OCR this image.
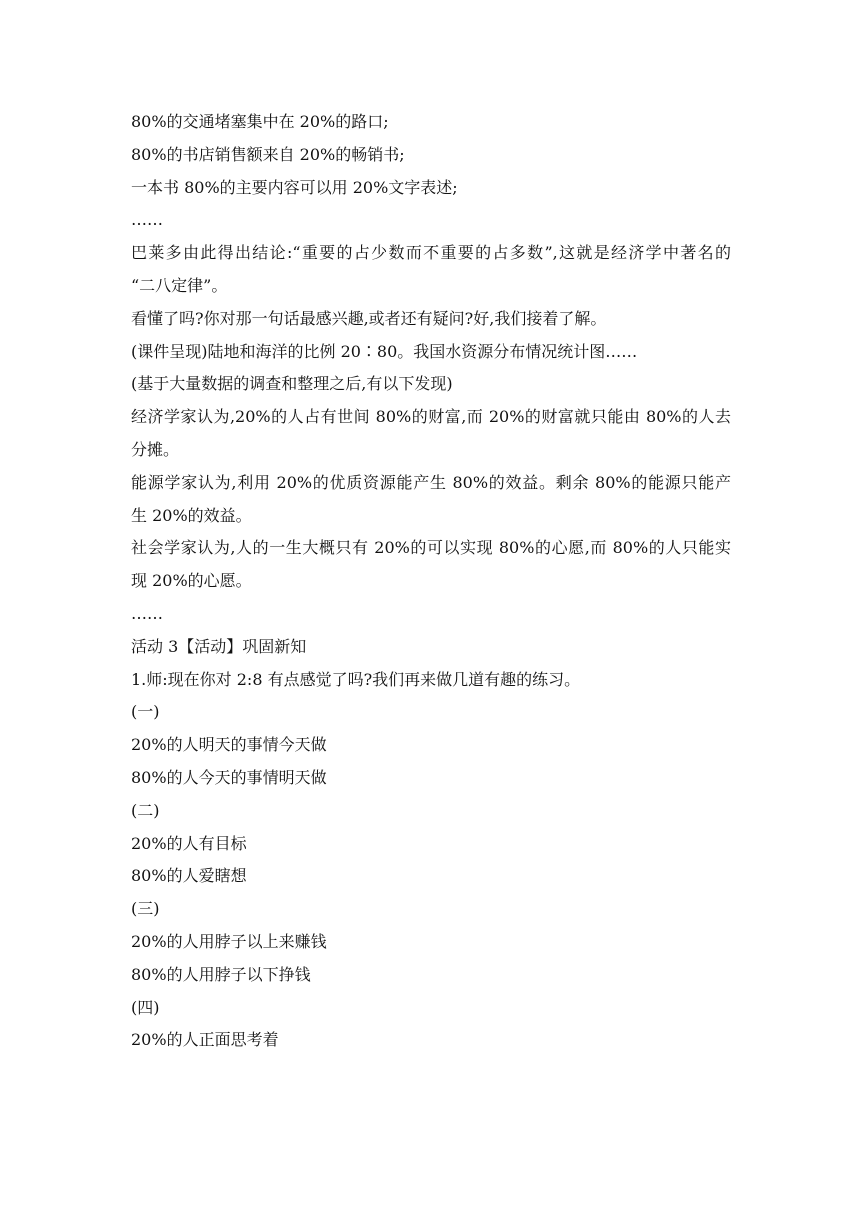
80%的交通堵塞集中在 20%的路口;
80%的书店销售额来自 20%的畅销书;
一本书 80%的主要内容可以用 20%文字表述;
……
巴莱多由此得出结论:“重要的占少数而不重要的占多数”,这就是经济学中著名的
“二八定律”。
看懂了吗?你对那一句话最感兴趣,或者还有疑问?好,我们接着了解。
(课件呈现)陆地和海洋的比例 20∶80。我国水资源分布情况统计图……
(基于大量数据的调查和整理之后,有以下发现)
经济学家认为,20%的人占有世间 80%的财富,而 20%的财富就只能由 80%的人去
分摊。
能源学家认为,利用 20%的优质资源能产生 80%的效益。剩余 80%的能源只能产
生 20%的效益。
社会学家认为,人的一生大概只有 20%的可以实现 80%的心愿,而 80%的人只能实
现 20%的心愿。
……
活动 3【活动】巩固新知
1.师:现在你对 2:8 有点感觉了吗?我们再来做几道有趣的练习。
(一)
20%的人明天的事情今天做
80%的人今天的事情明天做
(二)
20%的人有目标
80%的人爱瞎想
(三)
20%的人用脖子以上来赚钱
80%的人用脖子以下挣钱
(四)
20%的人正面思考着
